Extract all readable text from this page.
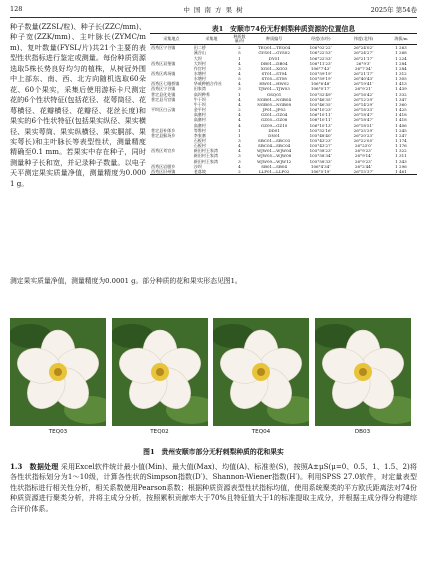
128	中 国 南 方 果 树	2025年 第54卷

种子数量(ZZSL/粒)、种子长(ZZC/mm)、种子宽(ZZK/mm)、主叶脉长(ZYMC/mm)、复叶数量(FYSL/片)共21个主要的表型性状指标进行鉴定或测量。每份种质资源选取5株长势良好均匀的植株，从树冠外围中上部东、南、西、北方向随机选取60朵花、60个果实，采集后使用游标卡尺测定花的6个性状特征(包括花径、花萼筒径、花萼横径、花瓣横径、花瓣径、花丝长度)和果实的6个性状特征(包括果实纵径、果实横径、果实萼筒、果实纵横径、果实胴部、果实萼长)和主叶脉长等表型性状，测量精度精确至0.1 mm。若果实中存在种子，同时测量种子长和宽，并记录种子数量。以电子天平测定果实质量净值，测量精度为0.0001 g。

表1　安顺市74份无籽刺梨种质资源的位置信息
采集地点	采集地	种质数量/份	种质编号	经度(东经)	纬度(北纬)	海拔/m
西秀区宁谷镇	田二桥	2	TEQ01—TEQ04	106°02′22″	26°24′02″	1 263
	溪谷山	5	GYS01—GYS02	106°22′53″	26°24′27″	1 268
	大坝	1	DY01	106°22′53″	26°21′17″	1 224
西秀区双堡镇	大坝村	4	DB01—DB04	106°11′23″	26°9′3″	1 284
	作官村	3	XG01—XG03	106°7′43″	26°7′34″	1 284
西秀区鸡场镇	水塘村	4	ST01—ST04	105°59′19″	26°21′17″	1 312
	水塘村	5	ST05—ST08	105°59′19″	26°40′43″	1 305
西秀区七眼桥镇	华威种植合作社	4	HW01—HW02	106°6′48″	26°19′41″	1 413
西秀区宁谷镇	田家湾	3	TJW01—TJW03	106°0′17″	26°9′21″	1 439
普定县化处镇	高坝种养	1	GSQ01	105°52′49″	26°16′42″	1 332
普定县马官镇	牛干坝	4	NGB01—NGB04	105°46′35″	26°12′29″	1 347
	牛干坝	4	NGB05—NGB08	105°46′35″	26°14′29″	1 360
平坝区白云镇	金平村	2	JP01—JP02	106°10′23″	26°18′33″	1 425
	高寨村	4	GZ01—GZ04	106°10′11″	26°18′47″	1 418
	高寨村	4	GZ05—GZ08	106°10′11″	26°18′47″	1 418
	高寨村	4	GZ09—GZ10	106°10′13″	26°18′51″	1 406
普定县补郎乡	等堆村	1	DD01	105°52′16″	26°25′29″	1 245
普定县猴场乡	李家寨	1	DN01	105°48′40″	26°20′23″	1 247
	石板村	3	SBC01—SBC03	105°43′23″	26°22′05″	1 174
	石板村	4	SBC04—SBC04	105°43′27″	26°23′0″	1 176
西秀区刘官乡	新田村王家湾	4	WJW01—WJW04	105°58′23″	26°9′23″	1 322
	新田村王家湾	3	WJW05—WJW08	105°58′34″	26°9′14″	1 311
	新田村王家湾	3	WJW09—WJW12	105°58′33″	26°9′23″	1 343
西秀区岩腊乡	沙坝	4	SB01—SB04	106°4′34″	26°2′44″	1 296
西秀区旧州镇	老落坡	2	LLP01—LLP02	106°5′19″	26°15′37″	1 461
测定果实质量净值，测量精度为0.0001 g。部分种质的花和果实形态见图1。
TEQ03	TEQ02	TEQ04	DB03
图1　贵州安顺市部分无籽刺梨种质的花和果实
1.3　数据处理 采用Excel软件统计最小值(Min)、最大值(Max)、均值(A)、标准差(S)，按照A±μS(μ=0、0.5、1、1.5、2)将各性状指标划分为1～10级，计算各性状的Simpson指数(D′)、Shannon-Wiener指数(H′)。利用SPSS 27.0软件，对定量表型性状指标进行相关性分析，相关系数使用Pearson系数；根据种质资源表型性状指标均值，使用系统聚类的平方欧氏距离法对74份种质资源进行聚类分析，并将主成分分析，按照累积贡献率大于70%且特征值大于1的标准提取主成分，并根据主成分得分构建综合评价体系。
